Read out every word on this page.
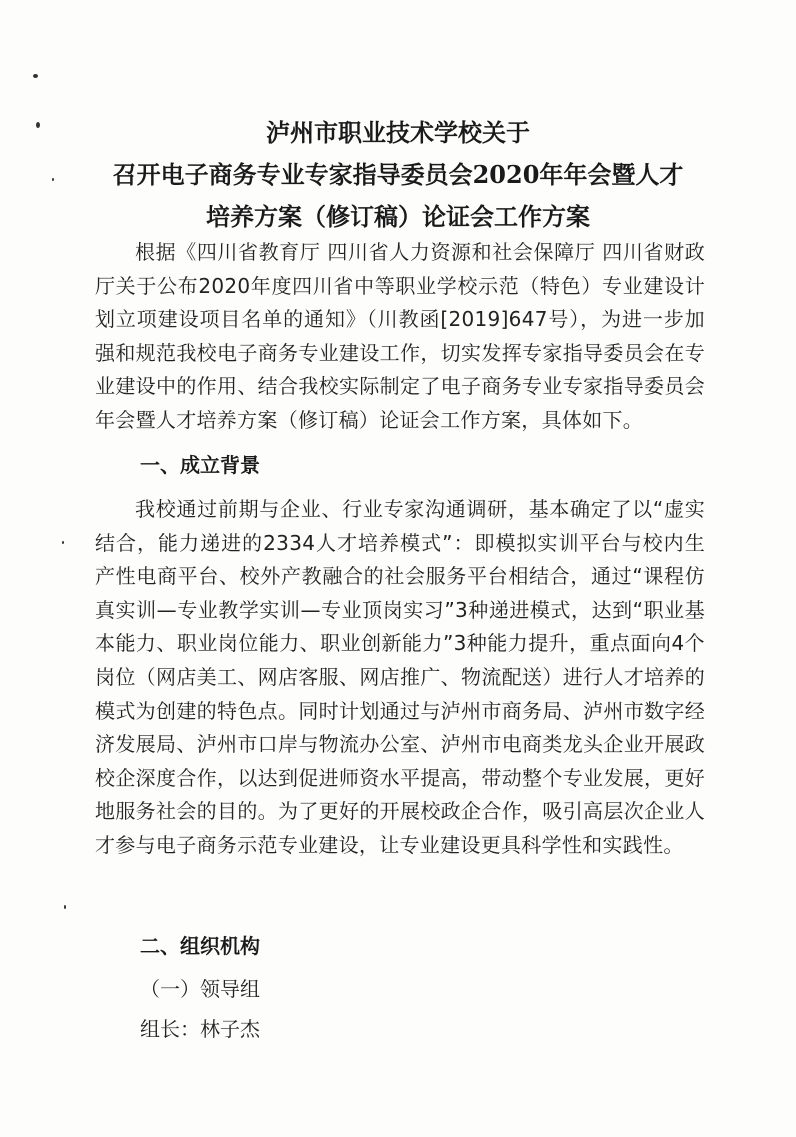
泸州市职业技术学校关于
召开电子商务专业专家指导委员会2020年年会暨人才
培养方案（修订稿）论证会工作方案
根据《四川省教育厅 四川省人力资源和社会保障厅 四川省财政厅关于公布2020年度四川省中等职业学校示范（特色）专业建设计划立项建设项目名单的通知》（川教函[2019]647号），为进一步加强和规范我校电子商务专业建设工作，切实发挥专家指导委员会在专业建设中的作用、结合我校实际制定了电子商务专业专家指导委员会年会暨人才培养方案（修订稿）论证会工作方案，具体如下。
一、成立背景
我校通过前期与企业、行业专家沟通调研，基本确定了以“虚实结合，能力递进的2334人才培养模式”：即模拟实训平台与校内生产性电商平台、校外产教融合的社会服务平台相结合，通过“课程仿真实训—专业教学实训—专业顶岗实习”3种递进模式，达到“职业基本能力、职业岗位能力、职业创新能力”3种能力提升，重点面向4个岗位（网店美工、网店客服、网店推广、物流配送）进行人才培养的模式为创建的特色点。同时计划通过与泸州市商务局、泸州市数字经济发展局、泸州市口岸与物流办公室、泸州市电商类龙头企业开展政校企深度合作，以达到促进师资水平提高，带动整个专业发展，更好地服务社会的目的。为了更好的开展校政企合作，吸引高层次企业人才参与电子商务示范专业建设，让专业建设更具科学性和实践性。
二、组织机构
（一）领导组
组长：林子杰
